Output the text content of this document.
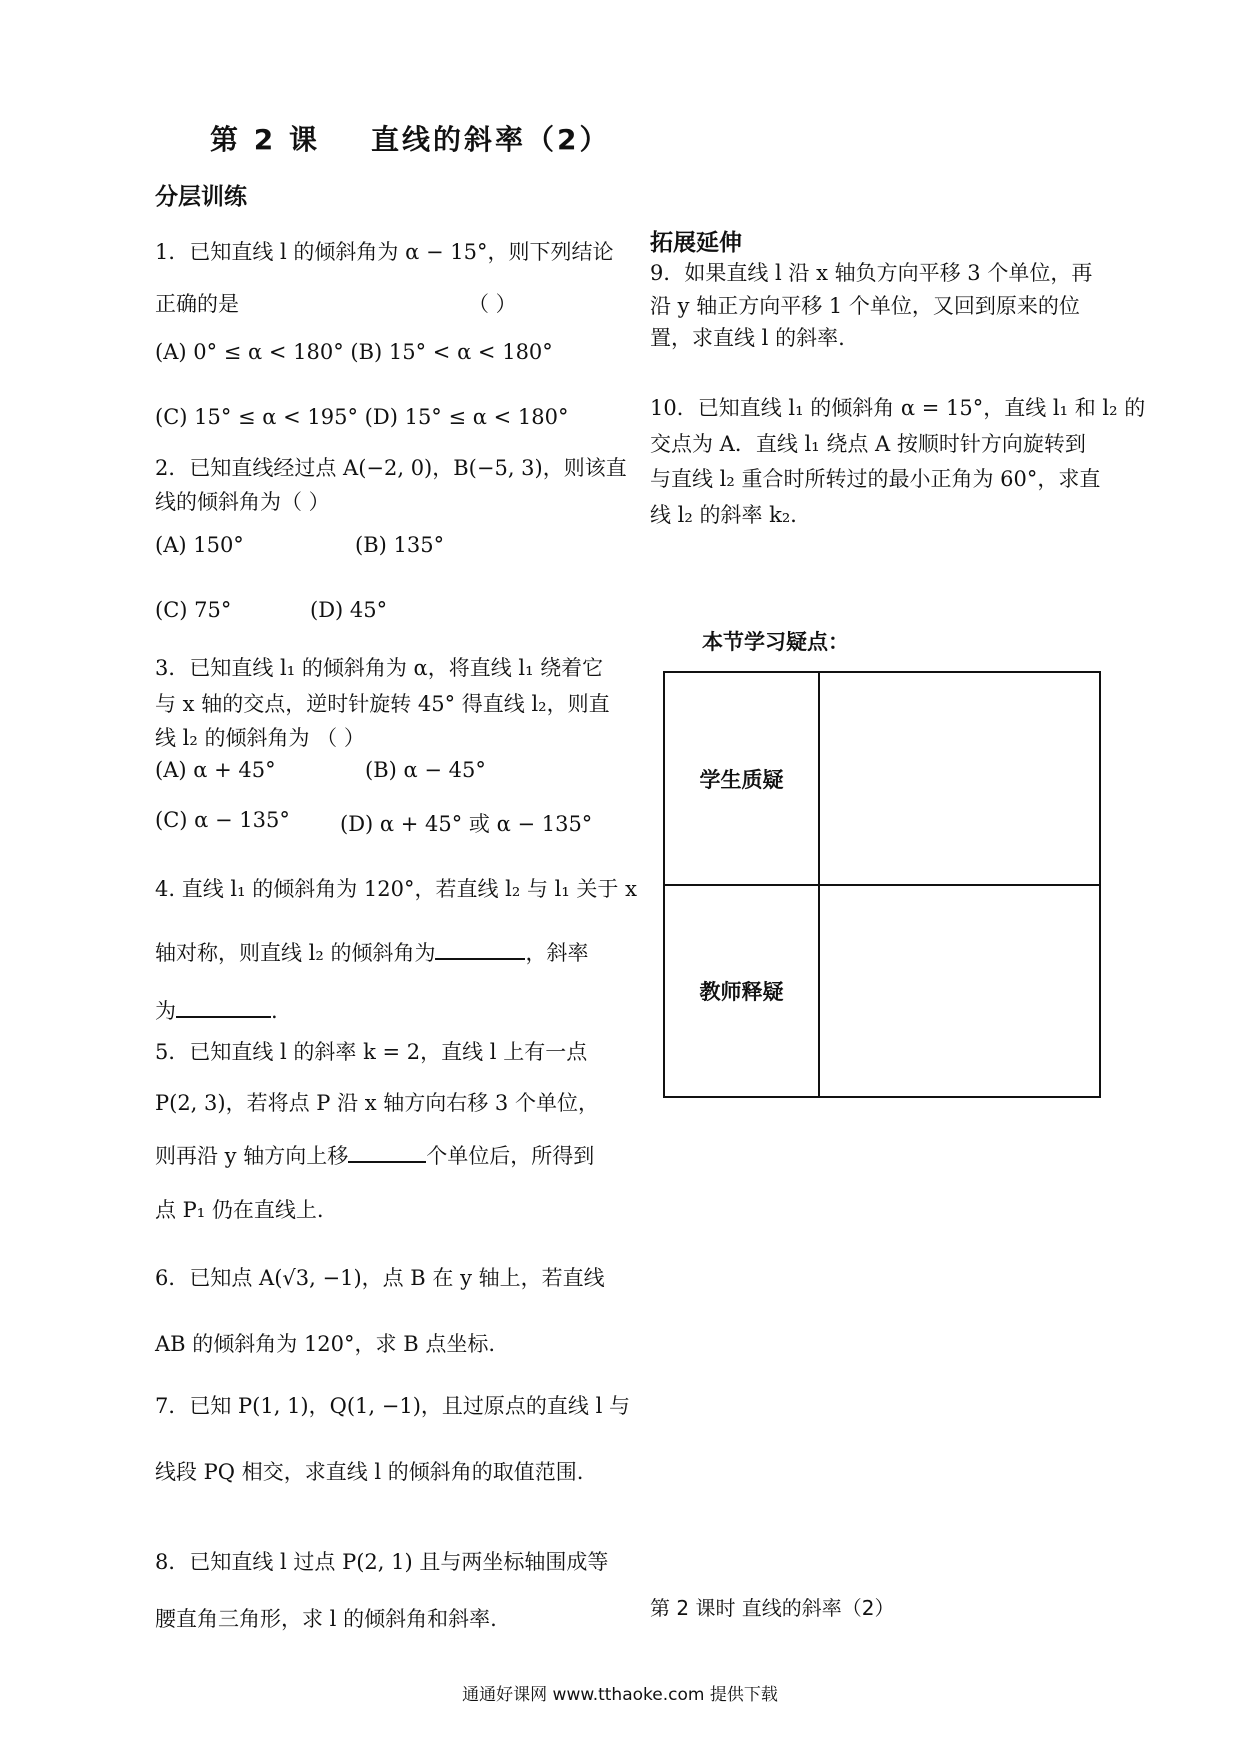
第 2 课    直线的斜率（2）
分层训练
1．已知直线 l 的倾斜角为 α − 15°，则下列结论
正确的是	（ ）
(A) 0° ≤ α < 180° (B) 15° < α < 180°
(C) 15° ≤ α < 195° (D) 15° ≤ α < 180°
2．已知直线经过点 A(−2, 0)，B(−5, 3)，则该直
线的倾斜角为（ ）
(A) 150°	(B) 135°
(C) 75°	(D) 45°
3．已知直线 l₁ 的倾斜角为 α，将直线 l₁ 绕着它
与 x 轴的交点，逆时针旋转 45° 得直线 l₂，则直
线 l₂ 的倾斜角为 （ ）
(A) α + 45°	(B) α − 45°
(C) α − 135° (D) α + 45° 或 α − 135°
4. 直线 l₁ 的倾斜角为 120°，若直线 l₂ 与 l₁ 关于 x
轴对称，则直线 l₂ 的倾斜角为	，斜率
为	.
5．已知直线 l 的斜率 k = 2，直线 l 上有一点
P(2, 3)，若将点 P 沿 x 轴方向右移 3 个单位，
则再沿 y 轴方向上移	个单位后，所得到
点 P₁ 仍在直线上.
6．已知点 A(√3, −1)，点 B 在 y 轴上，若直线
AB 的倾斜角为 120°，求 B 点坐标.
7．已知 P(1, 1)，Q(1, −1)，且过原点的直线 l 与
线段 PQ 相交，求直线 l 的倾斜角的取值范围.
8．已知直线 l 过点 P(2, 1) 且与两坐标轴围成等
腰直角三角形，求 l 的倾斜角和斜率.
拓展延伸
9．如果直线 l 沿 x 轴负方向平移 3 个单位，再
沿 y 轴正方向平移 1 个单位，又回到原来的位
置，求直线 l 的斜率.
10．已知直线 l₁ 的倾斜角 α = 15°，直线 l₁ 和 l₂ 的
交点为 A．直线 l₁ 绕点 A 按顺时针方向旋转到
与直线 l₂ 重合时所转过的最小正角为 60°，求直
线 l₂ 的斜率 k₂．
本节学习疑点：
学生质疑
教师释疑
第 2 课时 直线的斜率（2）
通通好课网 www.tthaoke.com 提供下载
